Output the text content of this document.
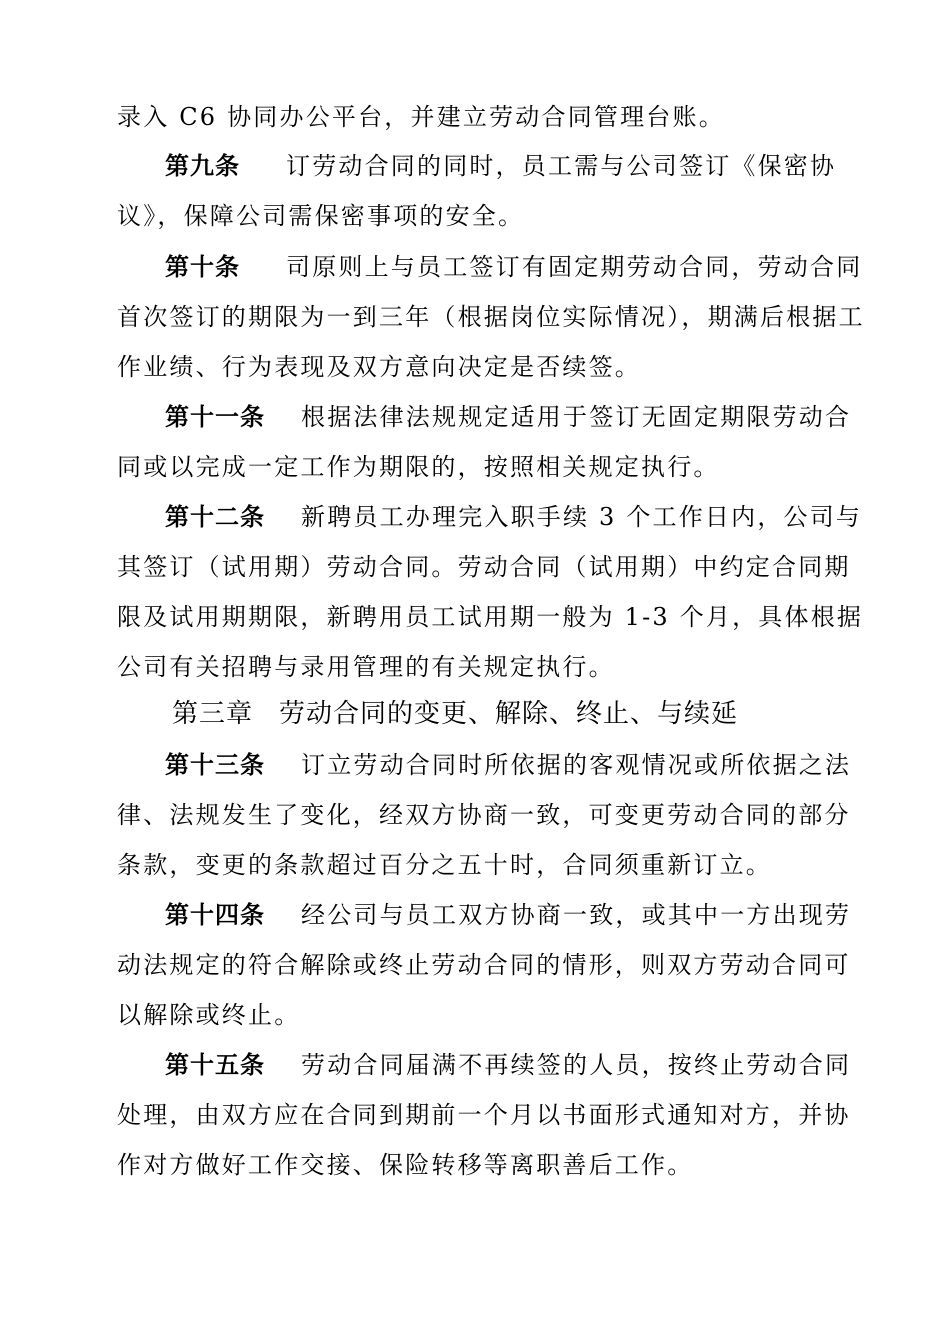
录入 C6 协同办公平台，并建立劳动合同管理台账。
第九条 订劳动合同的同时，员工需与公司签订《保密协
议》，保障公司需保密事项的安全。
第十条 司原则上与员工签订有固定期劳动合同，劳动合同
首次签订的期限为一到三年（根据岗位实际情况），期满后根据工
作业绩、行为表现及双方意向决定是否续签。
第十一条 根据法律法规规定适用于签订无固定期限劳动合
同或以完成一定工作为期限的，按照相关规定执行。
第十二条 新聘员工办理完入职手续 3 个工作日内，公司与
其签订（试用期）劳动合同。劳动合同（试用期）中约定合同期
限及试用期期限，新聘用员工试用期一般为 1-3 个月，具体根据
公司有关招聘与录用管理的有关规定执行。
第三章 劳动合同的变更、解除、终止、与续延
第十三条 订立劳动合同时所依据的客观情况或所依据之法
律、法规发生了变化，经双方协商一致，可变更劳动合同的部分
条款，变更的条款超过百分之五十时，合同须重新订立。
第十四条 经公司与员工双方协商一致，或其中一方出现劳
动法规定的符合解除或终止劳动合同的情形，则双方劳动合同可
以解除或终止。
第十五条 劳动合同届满不再续签的人员，按终止劳动合同
处理，由双方应在合同到期前一个月以书面形式通知对方，并协
作对方做好工作交接、保险转移等离职善后工作。
